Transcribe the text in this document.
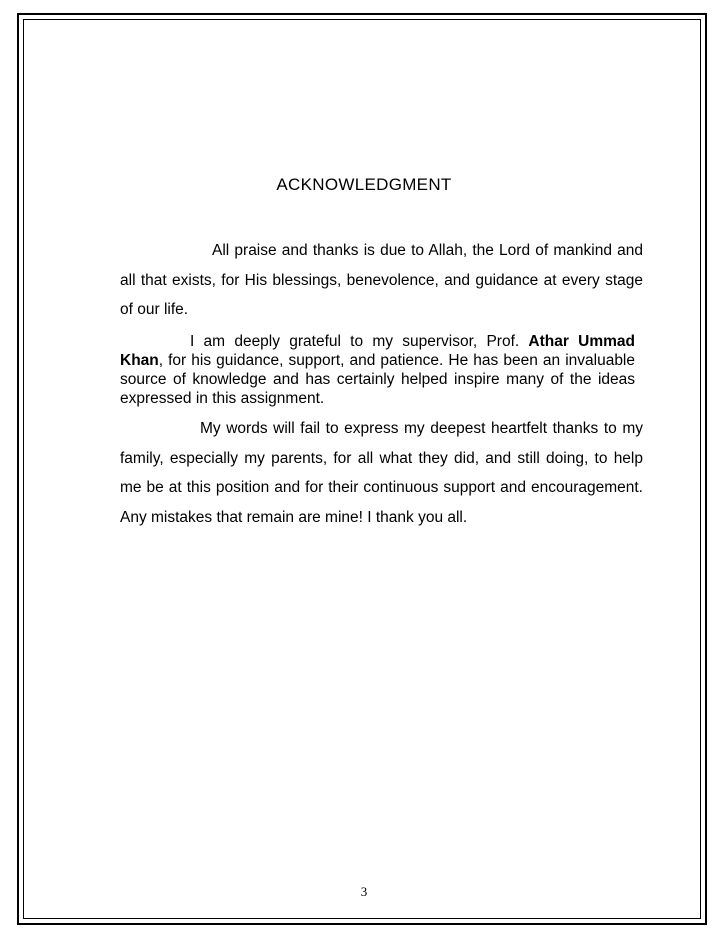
ACKNOWLEDGMENT

All praise and thanks is due to Allah, the Lord of mankind and all that exists, for His blessings, benevolence, and guidance at every stage of our life.

I am deeply grateful to my supervisor, Prof. Athar Ummad Khan, for his guidance, support, and patience. He has been an invaluable source of knowledge and has certainly helped inspire many of the ideas expressed in this assignment.

My words will fail to express my deepest heartfelt thanks to my family, especially my parents, for all what they did, and still doing, to help me be at this position and for their continuous support and encouragement. Any mistakes that remain are mine! I thank you all.

3
